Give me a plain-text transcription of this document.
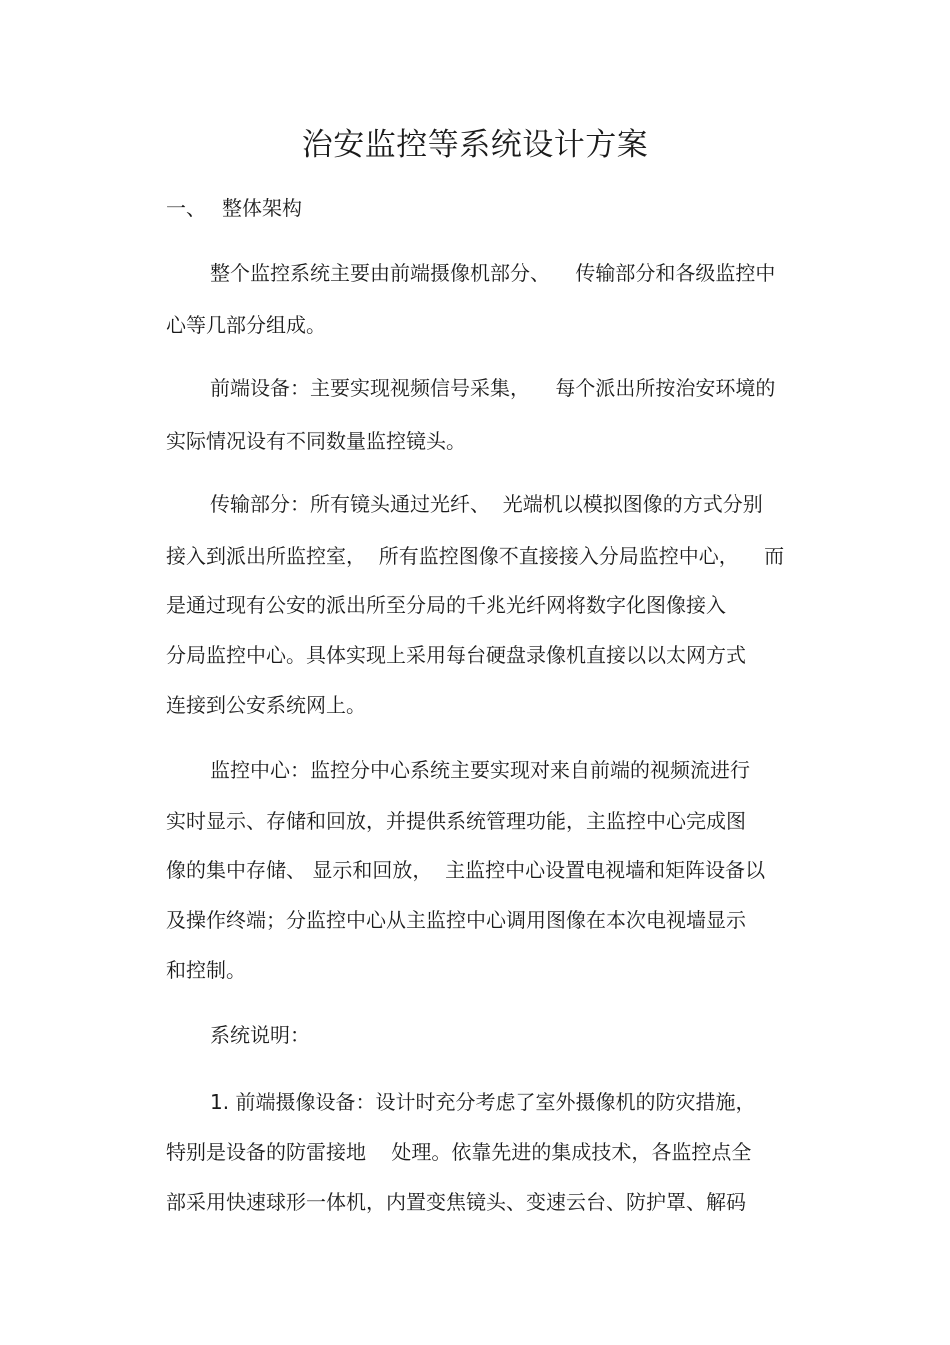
治安监控等系统设计方案
一、 整体架构

整个监控系统主要由前端摄像机部分、    传输部分和各级监控中

心等几部分组成。

前端设备：主要实现视频信号采集，    每个派出所按治安环境的

实际情况设有不同数量监控镜头。

传输部分：所有镜头通过光纤、  光端机以模拟图像的方式分别

接入到派出所监控室，  所有监控图像不直接接入分局监控中心，    而

是通过现有公安的派出所至分局的千兆光纤网将数字化图像接入

分局监控中心。具体实现上采用每台硬盘录像机直接以以太网方式

连接到公安系统网上。

监控中心：监控分中心系统主要实现对来自前端的视频流进行

实时显示、存储和回放，并提供系统管理功能，主监控中心完成图

像的集中存储、 显示和回放，  主监控中心设置电视墙和矩阵设备以

及操作终端；分监控中心从主监控中心调用图像在本次电视墙显示

和控制。

系统说明：

1. 前端摄像设备：设计时充分考虑了室外摄像机的防灾措施，

特别是设备的防雷接地    处理。依靠先进的集成技术，各监控点全

部采用快速球形一体机，内置变焦镜头、变速云台、防护罩、解码
